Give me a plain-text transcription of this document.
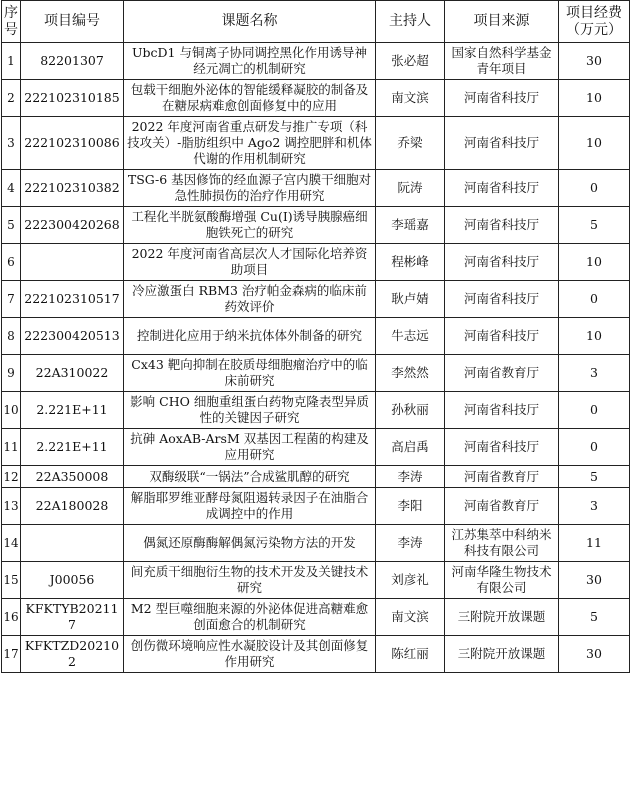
序号	项目编号	课题名称	主持人	项目来源	项目经费（万元）
1	82201307	UbcD1 与铜离子协同调控黑化作用诱导神经元凋亡的机制研究	张必超	国家自然科学基金青年项目	30
2	222102310185	包载干细胞外泌体的智能缓释凝胶的制备及在糖尿病难愈创面修复中的应用	南文滨	河南省科技厅	10
3	222102310086	2022 年度河南省重点研发与推广专项（科技攻关）-脂肪组织中 Ago2 调控肥胖和机体代谢的作用机制研究	乔梁	河南省科技厅	10
4	222102310382	TSG-6 基因修饰的经血源子宫内膜干细胞对急性肺损伤的治疗作用研究	阮涛	河南省科技厅	0
5	222300420268	工程化半胱氨酸酶增强 Cu(I)诱导胰腺癌细胞铁死亡的研究	李瑶嘉	河南省科技厅	5
6		2022 年度河南省高层次人才国际化培养资助项目	程彬峰	河南省科技厅	10
7	222102310517	冷应激蛋白 RBM3 治疗帕金森病的临床前药效评价	耿卢婧	河南省科技厅	0
8	222300420513	控制进化应用于纳米抗体体外制备的研究	牛志远	河南省科技厅	10
9	22A310022	Cx43 靶向抑制在胶质母细胞瘤治疗中的临床前研究	李然然	河南省教育厅	3
10	2.221E+11	影响 CHO 细胞重组蛋白药物克隆表型异质性的关键因子研究	孙秋丽	河南省科技厅	0
11	2.221E+11	抗砷 AoxAB-ArsM 双基因工程菌的构建及应用研究	高启禹	河南省科技厅	0
12	22A350008	双酶级联“一锅法”合成鲨肌醇的研究	李涛	河南省教育厅	5
13	22A180028	解脂耶罗维亚酵母氮阻遏转录因子在油脂合成调控中的作用	李阳	河南省教育厅	3
14		偶氮还原酶酶解偶氮污染物方法的开发	李涛	江苏集萃中科纳米科技有限公司	11
15	J00056	间充质干细胞衍生物的技术开发及关键技术研究	刘彦礼	河南华隆生物技术有限公司	30
16	KFKTYB202117	M2 型巨噬细胞来源的外泌体促进高糖难愈创面愈合的机制研究	南文滨	三附院开放课题	5
17	KFKTZD202102	创伤微环境响应性水凝胶设计及其创面修复作用研究	陈红丽	三附院开放课题	30
